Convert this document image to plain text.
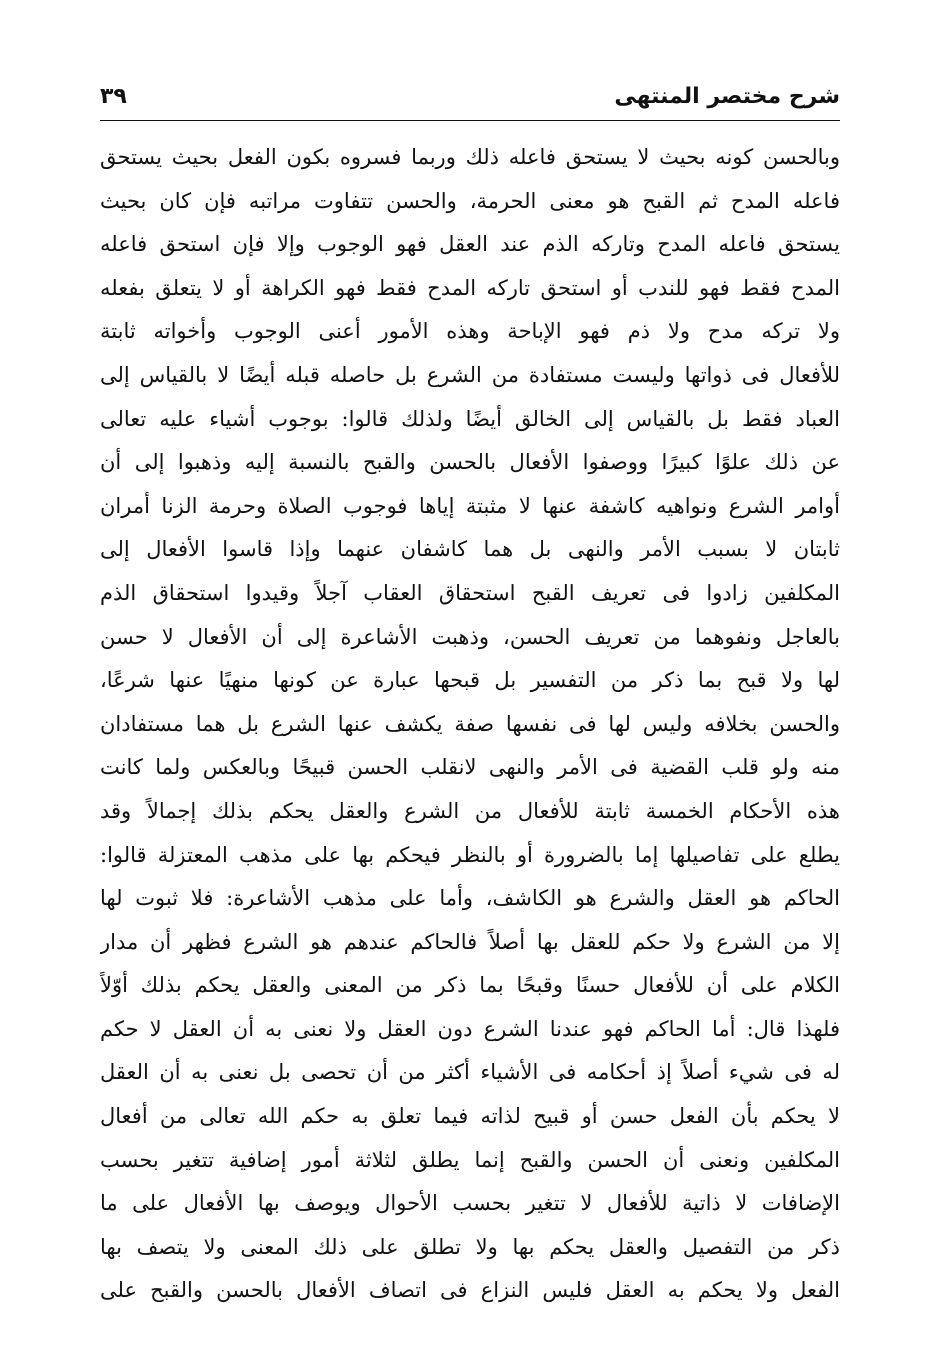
شرح مختصر المنتهى
٣٩
وبالحسن كونه بحيث لا يستحق فاعله ذلك وربما فسروه بكون الفعل بحيث يستحق
فاعله المدح ثم القبح هو معنى الحرمة، والحسن تتفاوت مراتبه فإن كان بحيث
يستحق فاعله المدح وتاركه الذم عند العقل فهو الوجوب وإلا فإن استحق فاعله
المدح فقط فهو للندب أو استحق تاركه المدح فقط فهو الكراهة أو لا يتعلق بفعله
ولا تركه مدح ولا ذم فهو الإباحة وهذه الأمور أعنى الوجوب وأخواته ثابتة
للأفعال فى ذواتها وليست مستفادة من الشرع بل حاصله قبله أيضًا لا بالقياس إلى
العباد فقط بل بالقياس إلى الخالق أيضًا ولذلك قالوا: بوجوب أشياء عليه تعالى
عن ذلك علوًا كبيرًا ووصفوا الأفعال بالحسن والقبح بالنسبة إليه وذهبوا إلى أن
أوامر الشرع ونواهيه كاشفة عنها لا مثبتة إياها فوجوب الصلاة وحرمة الزنا أمران
ثابتان لا بسبب الأمر والنهى بل هما كاشفان عنهما وإذا قاسوا الأفعال إلى
المكلفين زادوا فى تعريف القبح استحقاق العقاب آجلاً وقيدوا استحقاق الذم
بالعاجل ونفوهما من تعريف الحسن، وذهبت الأشاعرة إلى أن الأفعال لا حسن
لها ولا قبح بما ذكر من التفسير بل قبحها عبارة عن كونها منهيًا عنها شرعًا،
والحسن بخلافه وليس لها فى نفسها صفة يكشف عنها الشرع بل هما مستفادان
منه ولو قلب القضية فى الأمر والنهى لانقلب الحسن قبيحًا وبالعكس ولما كانت
هذه الأحكام الخمسة ثابتة للأفعال من الشرع والعقل يحكم بذلك إجمالاً وقد
يطلع على تفاصيلها إما بالضرورة أو بالنظر فيحكم بها على مذهب المعتزلة قالوا:
الحاكم هو العقل والشرع هو الكاشف، وأما على مذهب الأشاعرة: فلا ثبوت لها
إلا من الشرع ولا حكم للعقل بها أصلاً فالحاكم عندهم هو الشرع فظهر أن مدار
الكلام على أن للأفعال حسنًا وقبحًا بما ذكر من المعنى والعقل يحكم بذلك أوّلاً
فلهذا قال: أما الحاكم فهو عندنا الشرع دون العقل ولا نعنى به أن العقل لا حكم
له فى شيء أصلاً إذ أحكامه فى الأشياء أكثر من أن تحصى بل نعنى به أن العقل
لا يحكم بأن الفعل حسن أو قبيح لذاته فيما تعلق به حكم الله تعالى من أفعال
المكلفين ونعنى أن الحسن والقبح إنما يطلق لثلاثة أمور إضافية تتغير بحسب
الإضافات لا ذاتية للأفعال لا تتغير بحسب الأحوال ويوصف بها الأفعال على ما
ذكر من التفصيل والعقل يحكم بها ولا تطلق على ذلك المعنى ولا يتصف بها
الفعل ولا يحكم به العقل فليس النزاع فى اتصاف الأفعال بالحسن والقبح على
